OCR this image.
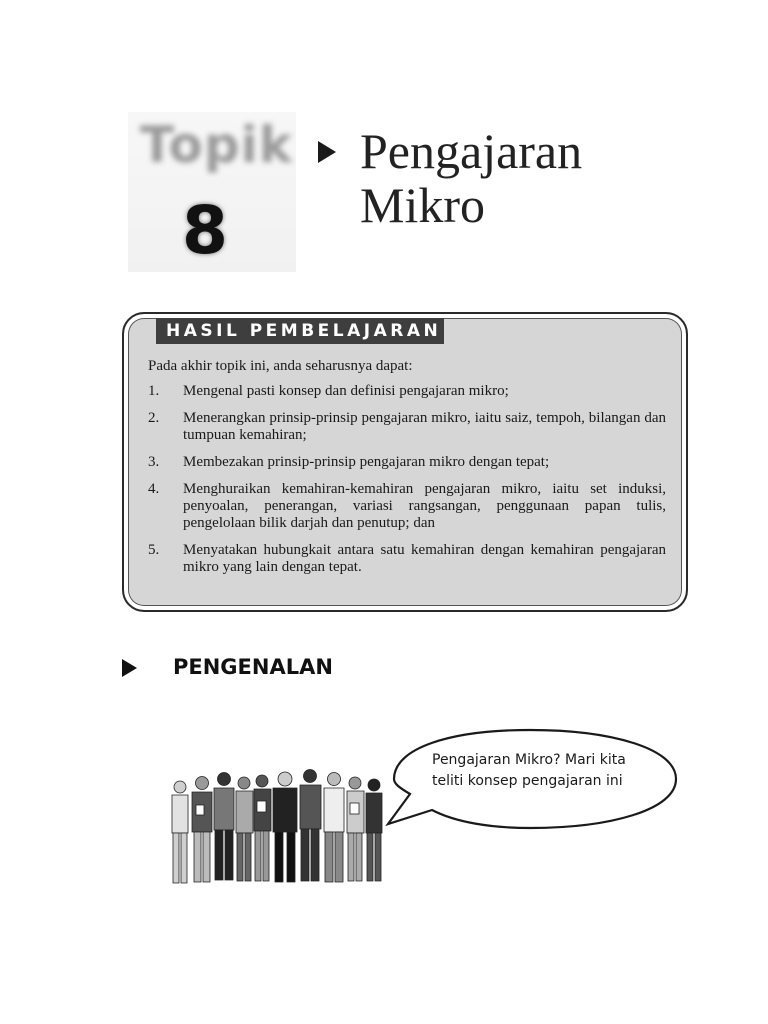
Topik
8
Pengajaran
Mikro
HASIL PEMBELAJARAN
Pada akhir topik ini, anda seharusnya dapat:
1. Mengenal pasti konsep dan definisi pengajaran mikro;
2. Menerangkan prinsip-prinsip pengajaran mikro, iaitu saiz, tempoh, bilangan dan tumpuan kemahiran;
3. Membezakan prinsip-prinsip pengajaran mikro dengan tepat;
4. Menghuraikan kemahiran-kemahiran pengajaran mikro, iaitu set induksi, penyoalan, penerangan, variasi rangsangan, penggunaan papan tulis, pengelolaan bilik darjah dan penutup; dan
5. Menyatakan hubungkait antara satu kemahiran dengan kemahiran pengajaran mikro yang lain dengan tepat.
PENGENALAN
Pengajaran Mikro? Mari kita
teliti konsep pengajaran ini
